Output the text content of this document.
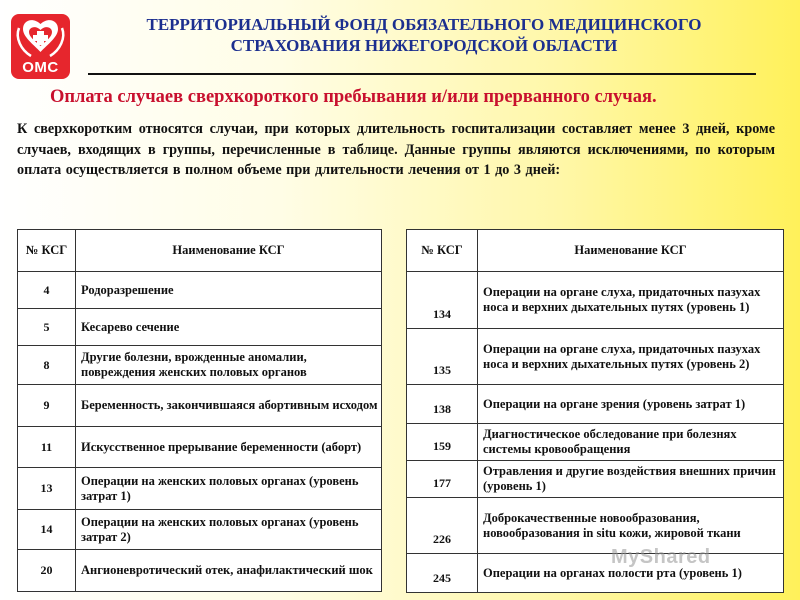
ОМС
ТЕРРИТОРИАЛЬНЫЙ ФОНД ОБЯЗАТЕЛЬНОГО МЕДИЦИНСКОГО
СТРАХОВАНИЯ НИЖЕГОРОДСКОЙ ОБЛАСТИ
Оплата случаев сверхкороткого пребывания и/или прерванного случая.
К сверхкоротким относятся случаи, при которых длительность госпитализации составляет менее 3 дней, кроме случаев, входящих в группы, перечисленные в таблице. Данные группы являются исключениями, по которым оплата осуществляется в полном объеме при длительности лечения от 1 до 3 дней:
№ КСГ	Наименование КСГ
4	Родоразрешение
5	Кесарево сечение
8	Другие болезни, врожденные аномалии, повреждения женских половых органов
9	Беременность, закончившаяся абортивным исходом
11	Искусственное прерывание беременности (аборт)
13	Операции на женских половых органах (уровень затрат 1)
14	Операции на женских половых органах (уровень затрат 2)
20	Ангионевротический отек, анафилактический шок
№ КСГ	Наименование КСГ
134	Операции на органе слуха, придаточных пазухах носа и верхних дыхательных путях (уровень 1)
135	Операции на органе слуха, придаточных пазухах носа и верхних дыхательных путях (уровень 2)
138	Операции на органе зрения (уровень затрат 1)
159	Диагностическое обследование при болезнях системы кровообращения
177	Отравления и другие воздействия внешних причин (уровень 1)
226	Доброкачественные новообразования, новообразования in situ кожи, жировой ткани
245	Операции на органах полости рта (уровень 1)
MyShared
